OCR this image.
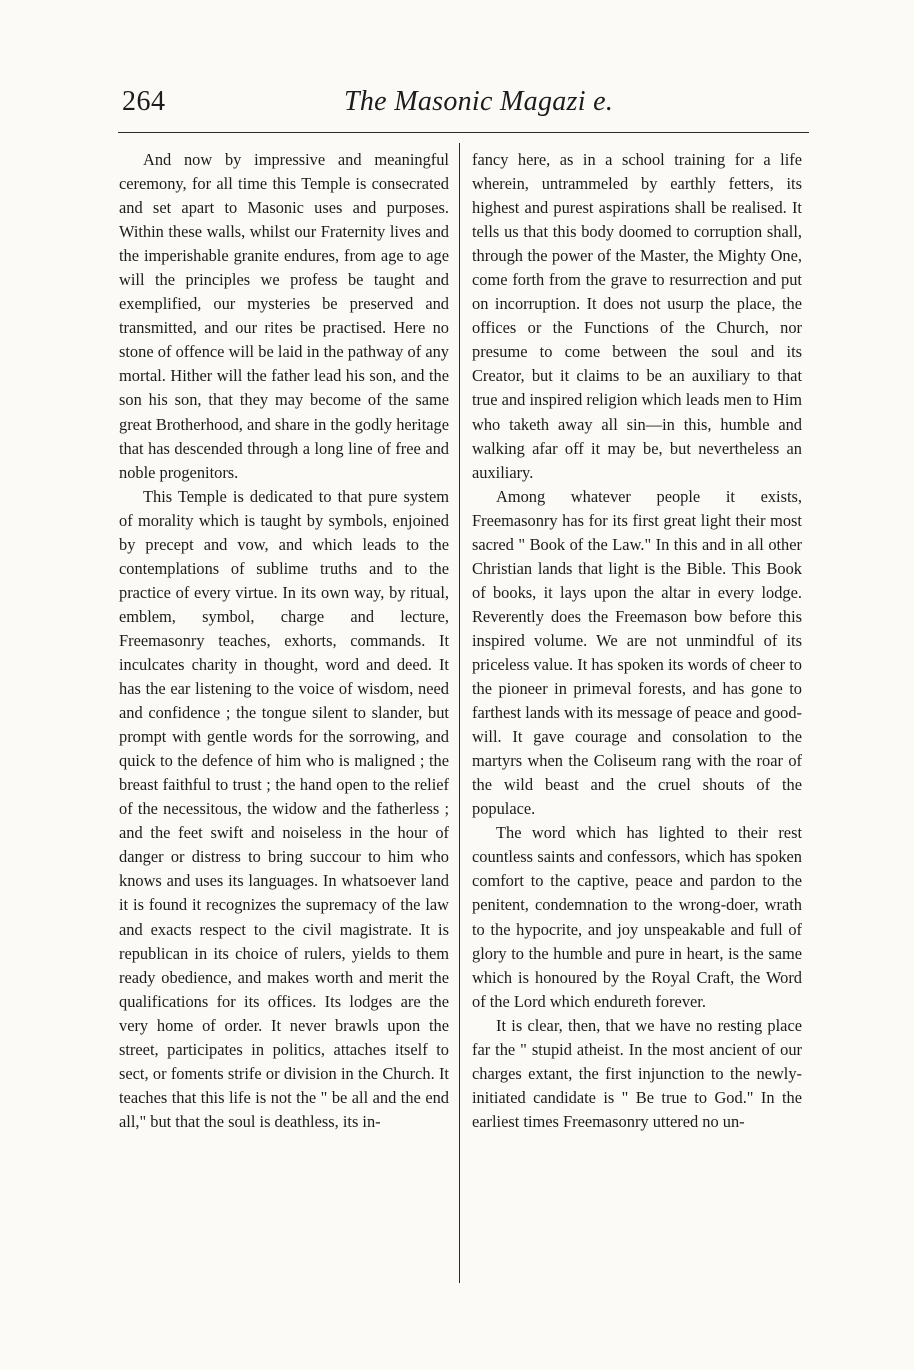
264	The Masonic Magazi e.

And now by impressive and meaningful ceremony, for all time this Temple is consecrated and set apart to Masonic uses and purposes. Within these walls, whilst our Fraternity lives and the imperishable granite endures, from age to age will the principles we profess be taught and exemplified, our mysteries be preserved and transmitted, and our rites be practised. Here no stone of offence will be laid in the pathway of any mortal. Hither will the father lead his son, and the son his son, that they may become of the same great Brotherhood, and share in the godly heritage that has descended through a long line of free and noble progenitors.

This Temple is dedicated to that pure system of morality which is taught by symbols, enjoined by precept and vow, and which leads to the contemplations of sublime truths and to the practice of every virtue. In its own way, by ritual, emblem, symbol, charge and lecture, Freemasonry teaches, exhorts, commands. It inculcates charity in thought, word and deed. It has the ear listening to the voice of wisdom, need and confidence ; the tongue silent to slander, but prompt with gentle words for the sorrowing, and quick to the defence of him who is maligned ; the breast faithful to trust ; the hand open to the relief of the necessitous, the widow and the fatherless ; and the feet swift and noiseless in the hour of danger or distress to bring succour to him who knows and uses its languages. In whatsoever land it is found it recognizes the supremacy of the law and exacts respect to the civil magistrate. It is republican in its choice of rulers, yields to them ready obedience, and makes worth and merit the qualifications for its offices. Its lodges are the very home of order. It never brawls upon the street, participates in politics, attaches itself to sect, or foments strife or division in the Church. It teaches that this life is not the " be all and the end all," but that the soul is deathless, its in-

fancy here, as in a school training for a life wherein, untrammeled by earthly fetters, its highest and purest aspirations shall be realised. It tells us that this body doomed to corruption shall, through the power of the Master, the Mighty One, come forth from the grave to resurrection and put on incorruption. It does not usurp the place, the offices or the Functions of the Church, nor presume to come between the soul and its Creator, but it claims to be an auxiliary to that true and inspired religion which leads men to Him who taketh away all sin—in this, humble and walking afar off it may be, but nevertheless an auxiliary.

Among whatever people it exists, Freemasonry has for its first great light their most sacred " Book of the Law." In this and in all other Christian lands that light is the Bible. This Book of books, it lays upon the altar in every lodge. Reverently does the Freemason bow before this inspired volume. We are not unmindful of its priceless value. It has spoken its words of cheer to the pioneer in primeval forests, and has gone to farthest lands with its message of peace and good-will. It gave courage and consolation to the martyrs when the Coliseum rang with the roar of the wild beast and the cruel shouts of the populace.

The word which has lighted to their rest countless saints and confessors, which has spoken comfort to the captive, peace and pardon to the penitent, condemnation to the wrong-doer, wrath to the hypocrite, and joy unspeakable and full of glory to the humble and pure in heart, is the same which is honoured by the Royal Craft, the Word of the Lord which endureth forever.

It is clear, then, that we have no resting place far the " stupid atheist. In the most ancient of our charges extant, the first injunction to the newly-initiated candidate is " Be true to God." In the earliest times Freemasonry uttered no un-
